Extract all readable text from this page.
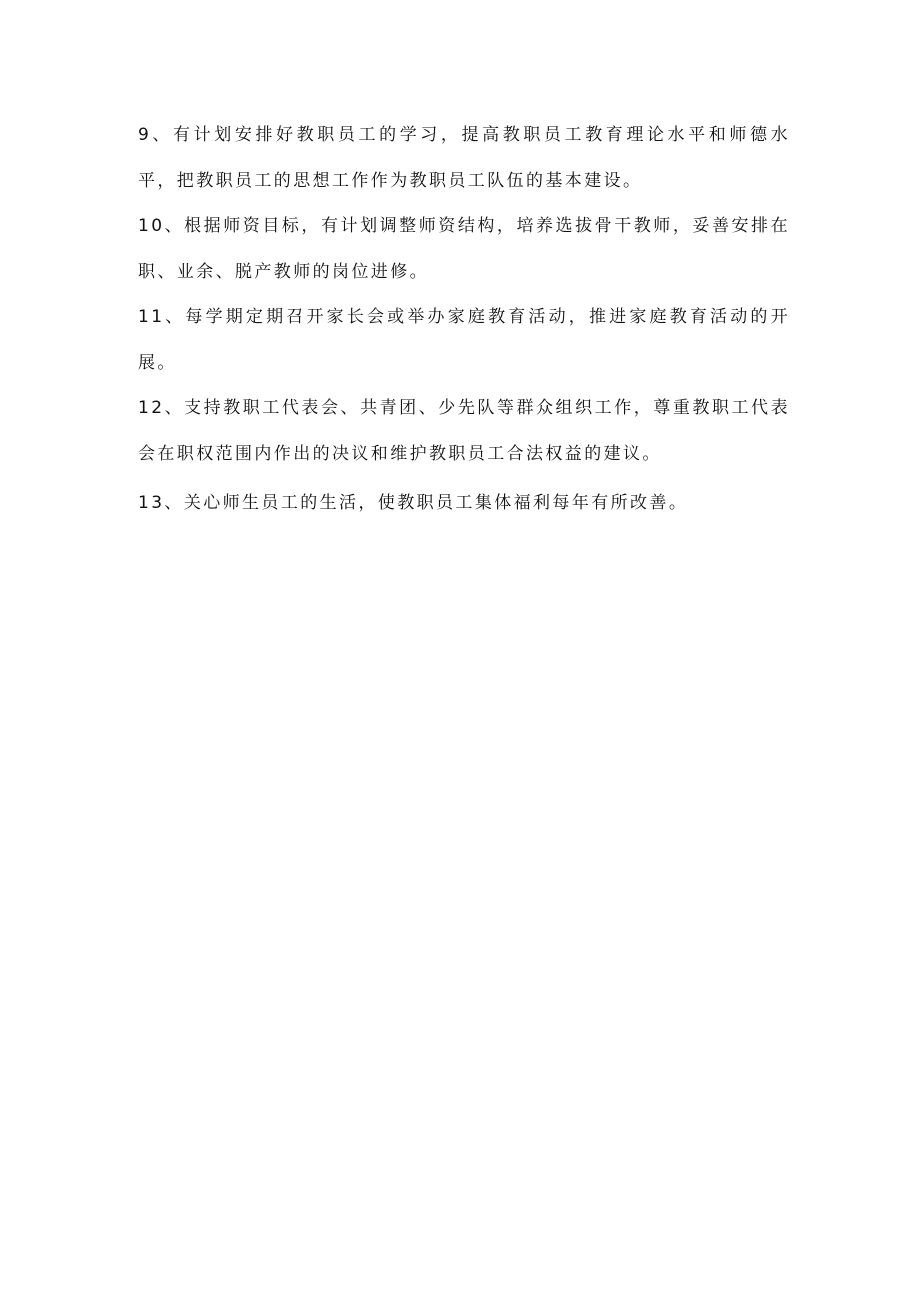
9、有计划安排好教职员工的学习，提高教职员工教育理论水平和师德水平，把教职员工的思想工作作为教职员工队伍的基本建设。

10、根据师资目标，有计划调整师资结构，培养选拔骨干教师，妥善安排在职、业余、脱产教师的岗位进修。

11、每学期定期召开家长会或举办家庭教育活动，推进家庭教育活动的开展。

12、支持教职工代表会、共青团、少先队等群众组织工作，尊重教职工代表会在职权范围内作出的决议和维护教职员工合法权益的建议。

13、关心师生员工的生活，使教职员工集体福利每年有所改善。
